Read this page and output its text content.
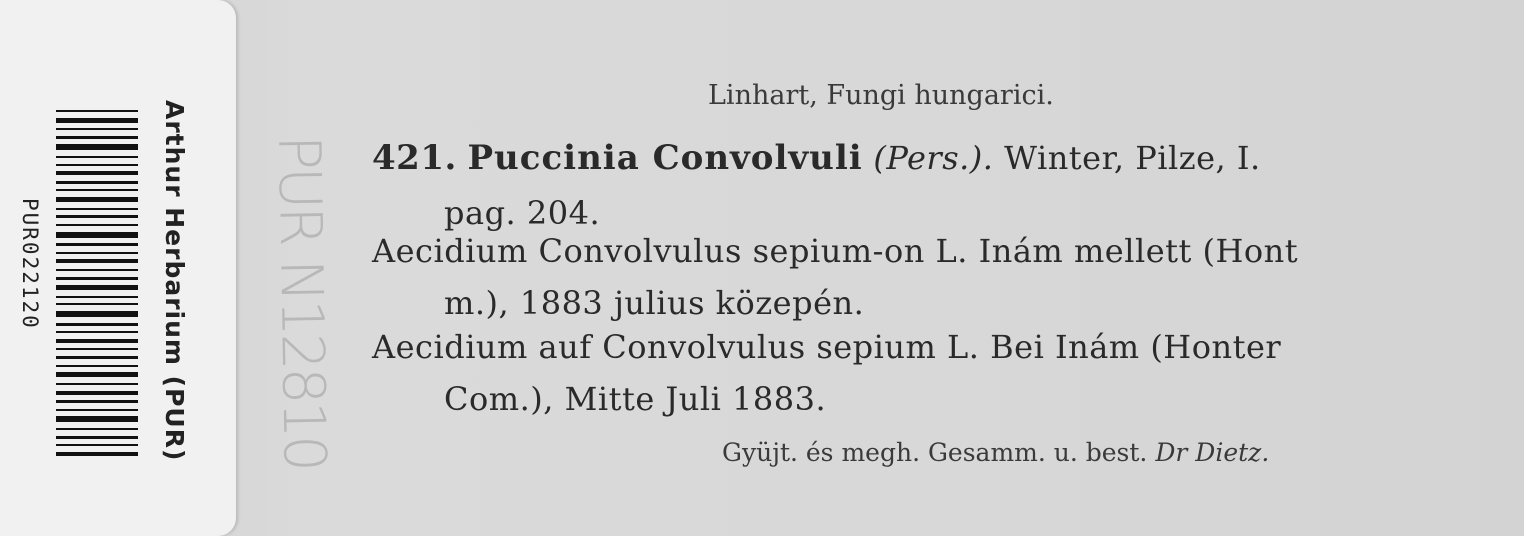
Arthur Herbarium (PUR)
PUR022120	PUR N12810
Linhart, Fungi hungarici.
421. Puccinia Convolvuli (Pers.). Winter, Pilze, I.
pag. 204.
Aecidium Convolvulus sepium-on L. Inám mellett (Hont
m.), 1883 julius közepén.
Aecidium auf Convolvulus sepium L. Bei Inám (Honter
Com.), Mitte Juli 1883.
Gyüjt. és megh. Gesamm. u. best. Dr Dietz.
